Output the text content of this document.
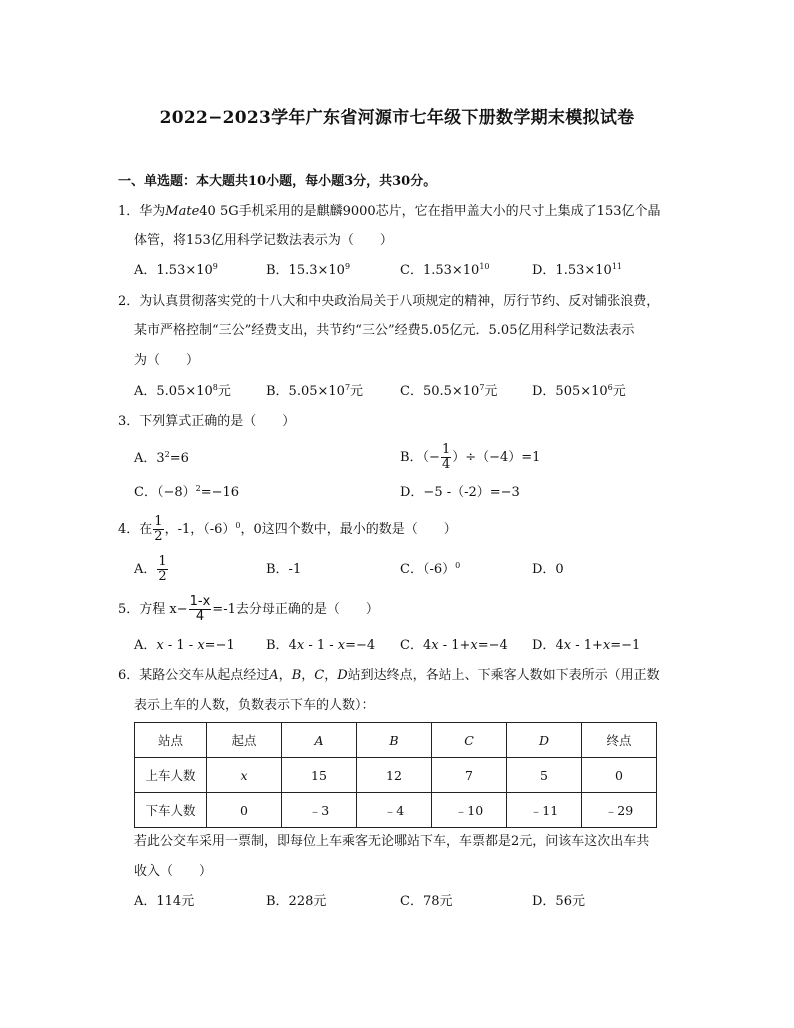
2022−2023学年广东省河源市七年级下册数学期末模拟试卷
一、单选题：本大题共10小题，每小题3分，共30分。
1．华为Mate40 5G手机采用的是麒麟9000芯片，它在指甲盖大小的尺寸上集成了153亿个晶
体管，将153亿用科学记数法表示为（　　）
A．$1.53\times 10^9$	B．$15.3\times 10^9$	C．$1.53\times 10^{10}$	D．$1.53\times 10^{11}$
2．为认真贯彻落实党的十八大和中央政治局关于八项规定的精神，厉行节约、反对铺张浪费，
某市严格控制“三公”经费支出，共节约“三公”经费5.05亿元．5.05亿用科学记数法表示
为（　　）
A．$5.05\times 10^8$元	B．$5.05\times 10^7$元	C．$50.5\times 10^7$元	D．$505\times 10^6$元
3．下列算式正确的是（　　）
A．$3^2=6$	B．（− $\frac{1}{4} )\div(-4)=1$
C．$(-8)^2=-16$	D．−5 -（-2）=−3
4．在 $\frac{1}{2}$ ，-1，$(-6)^0$，0这四个数中，最小的数是（　　）
A． $\frac{1}{2}$	B．-1	C．$(-6)^0$	D．0
5．方程 $x- \frac{1-x}{4} =-1$去分母正确的是（　　）
A．x - 1 - x=−1 B．4x - 1 - x=−4 C．4x - 1+x=−4 D．4x - 1+x=−1
6．某路公交车从起点经过A，B，C，D站到达终点，各站上、下乘客人数如下表所示（用正数
表示上车的人数，负数表示下车的人数）：
站点	起点	A	B	C	D	终点
上车人数	x	15	12	7	5	0
下车人数	0	﹣3	﹣4	﹣10	﹣11	﹣29
若此公交车采用一票制，即每位上车乘客无论哪站下车，车票都是2元，问该车这次出车共
收入（　　）
A．114元	B．228元	C．78元	D．56元
